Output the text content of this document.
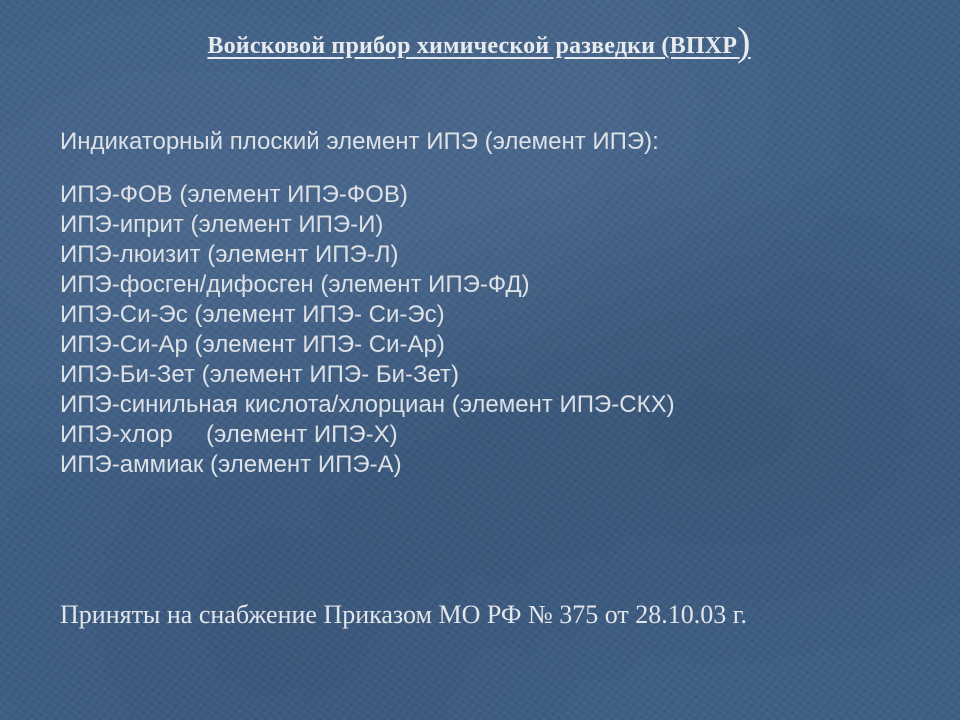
Войсковой прибор химической разведки (ВПХР)
Индикаторный плоский элемент ИПЭ (элемент ИПЭ):
ИПЭ-ФОВ (элемент ИПЭ-ФОВ)
ИПЭ-иприт (элемент ИПЭ-И)
ИПЭ-люизит (элемент ИПЭ-Л)
ИПЭ-фосген/дифосген (элемент ИПЭ-ФД)
ИПЭ-Си-Эс (элемент ИПЭ- Си-Эс)
ИПЭ-Си-Ар (элемент ИПЭ- Си-Ар)
ИПЭ-Би-Зет (элемент ИПЭ- Би-Зет)
ИПЭ-синильная кислота/хлорциан (элемент ИПЭ-СКХ)
ИПЭ-хлор     (элемент ИПЭ-Х)
ИПЭ-аммиак (элемент ИПЭ-А)
Приняты на снабжение Приказом МО РФ № 375 от 28.10.03 г.
